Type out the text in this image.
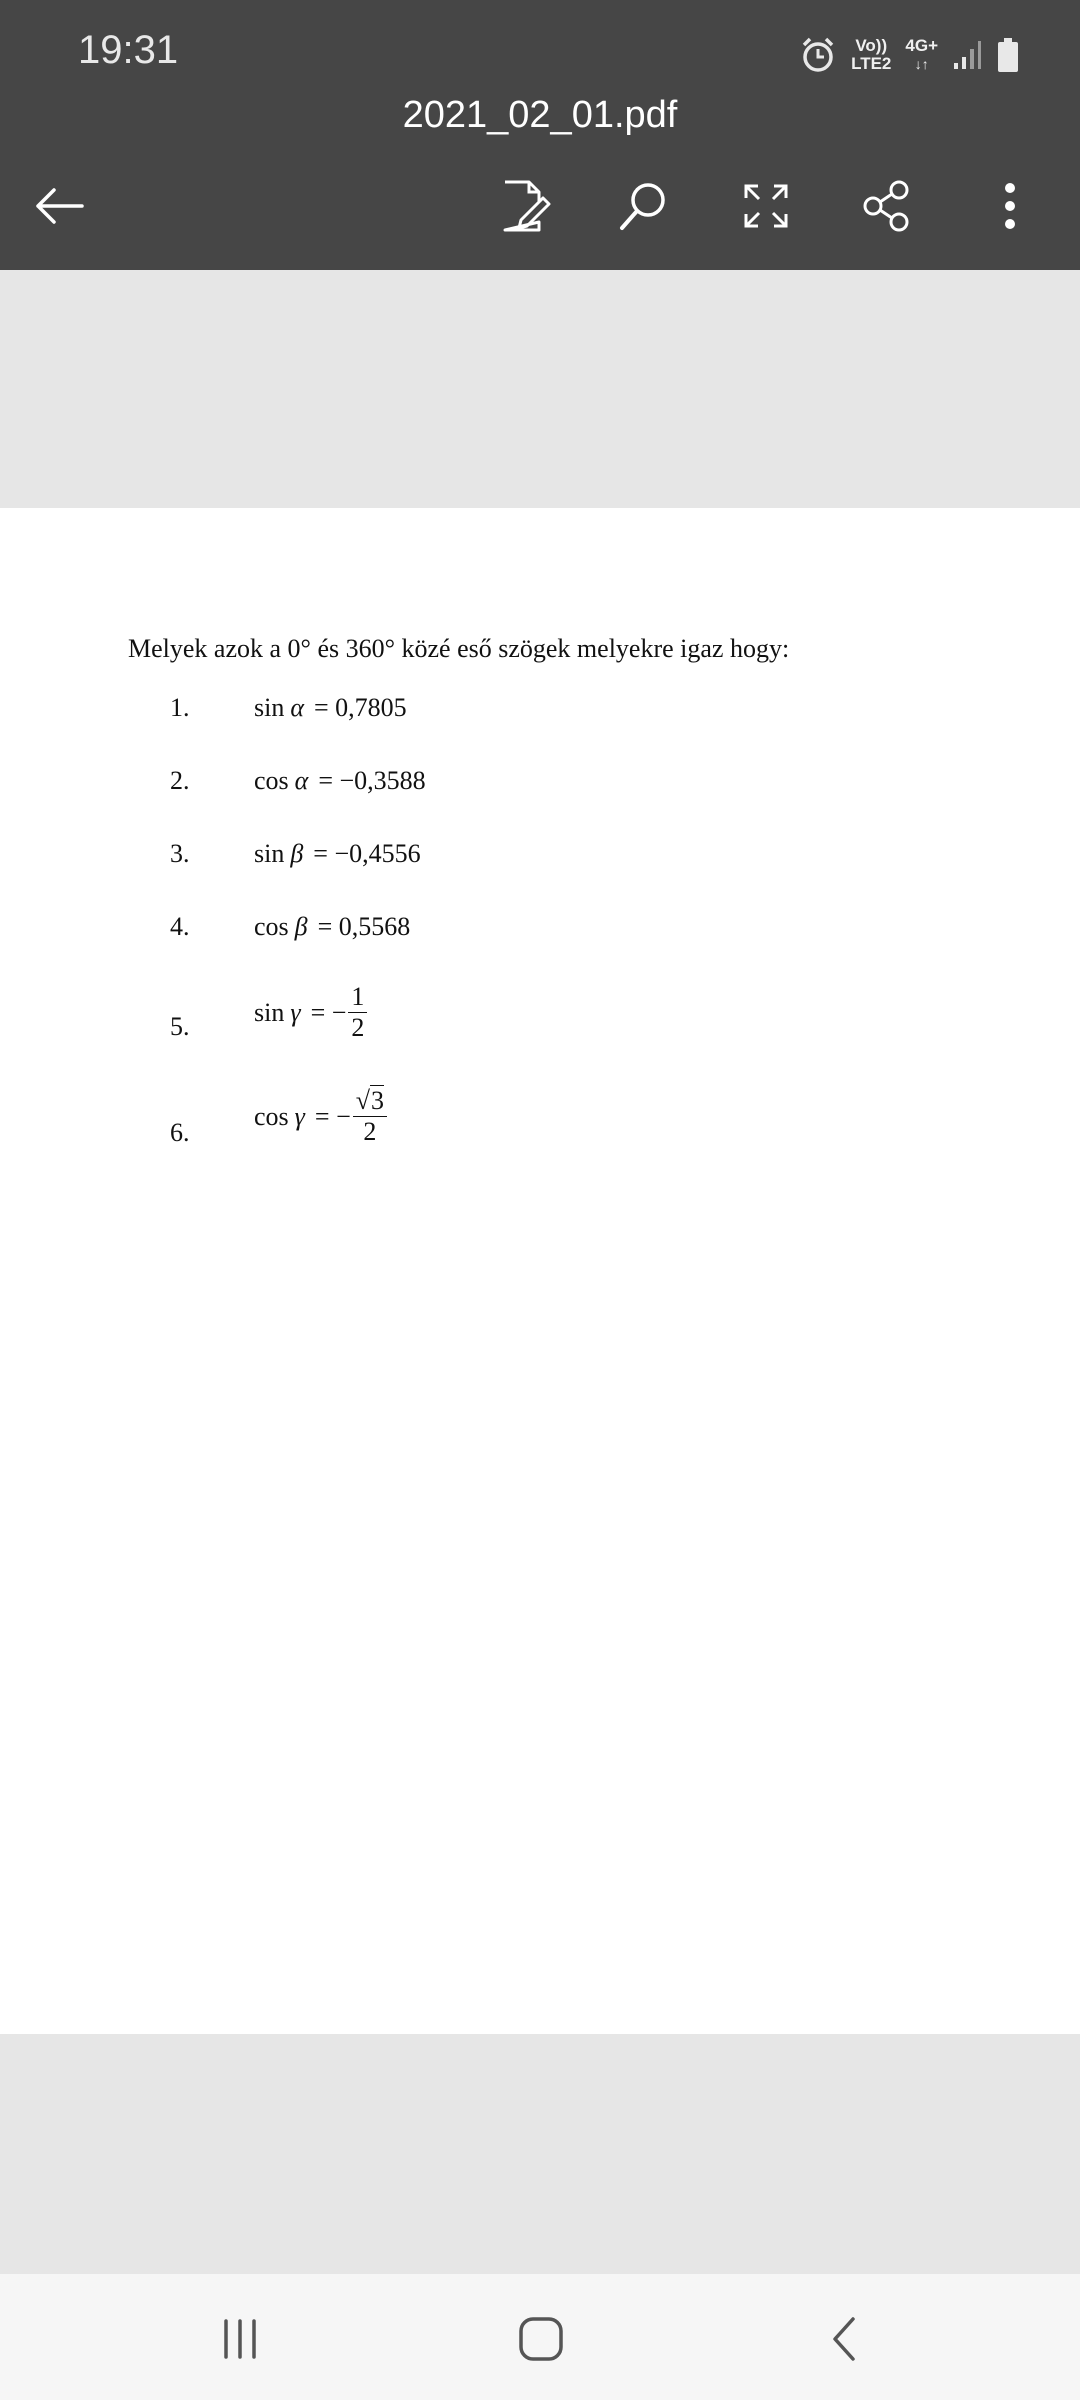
19:31	Vo))
LTE2
4G+
↓↑
2021_02_01.pdf
Melyek azok a 0° és 360° közé eső szögek melyekre igaz hogy:
1. sin α = 0,7805
2. cos α = −0,3588
3. sin β = −0,4556
4. cos β = 0,5568
5. sin γ = − $\frac{1}{2}$
6.
cos γ = − $\frac{√3}{2}$
